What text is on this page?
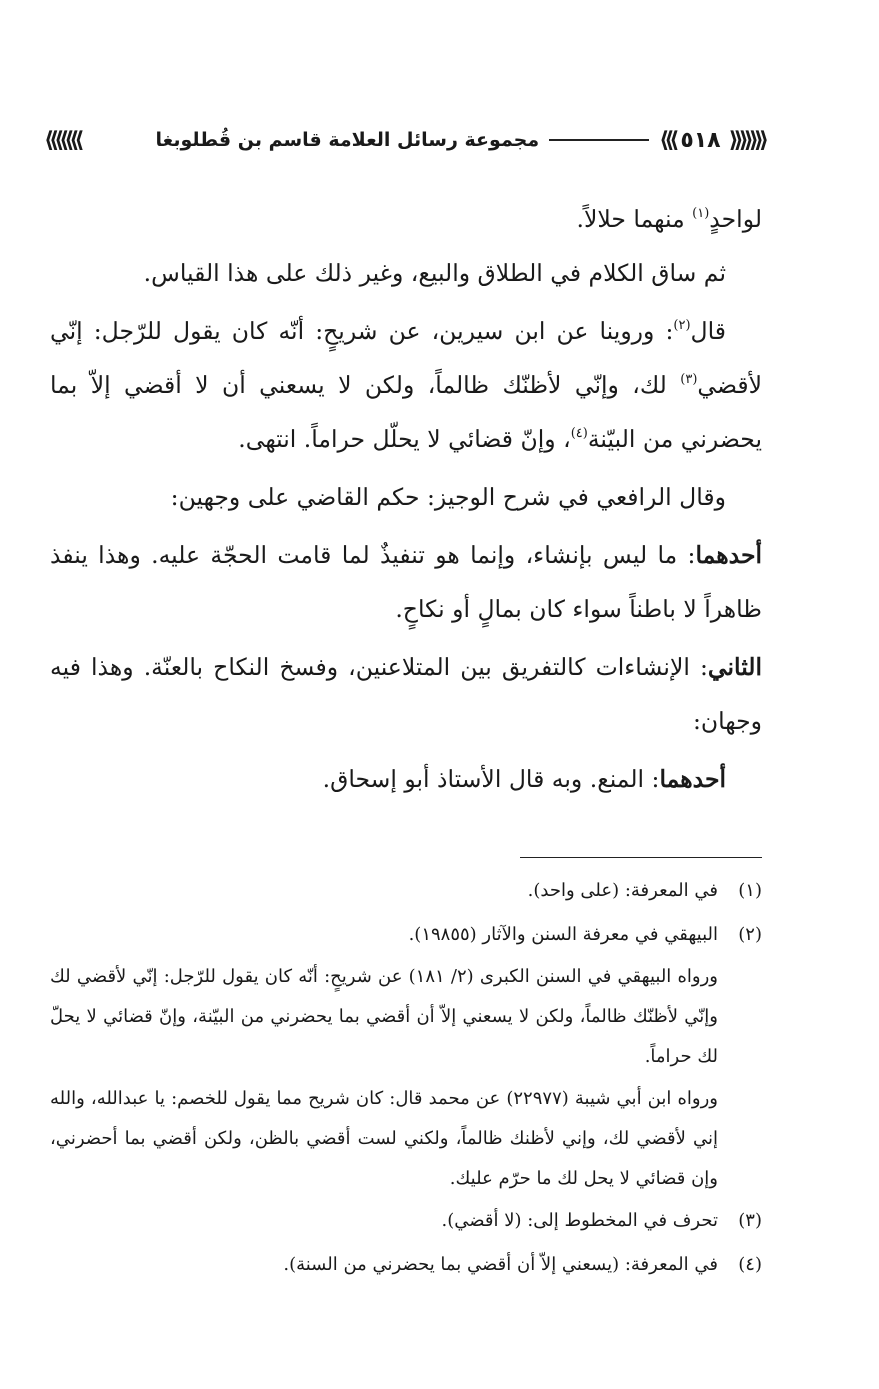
⟨⟨⟨⟨⟨⟨⟨
٥١٨
⟩⟩⟩
مجموعة رسائل العلامة قاسم بن قُطلوبغا
⟩⟩⟩⟩⟩⟩⟩

لواحدٍ$^{(١)}$ منهما حلالاً.

ثم ساق الكلام في الطلاق والبيع، وغير ذلك على هذا القياس.

قال$^{(٢)}$: وروينا عن ابن سيرين، عن شريحٍ: أنّه كان يقول للرّجل: إنّي لأقضي$^{(٣)}$ لك، وإنّي لأظنّك ظالماً، ولكن لا يسعني أن لا أقضي إلاّ بما يحضرني من البيّنة$^{(٤)}$، وإنّ قضائي لا يحلّل حراماً. انتهى.

وقال الرافعي في شرح الوجيز: حكم القاضي على وجهين:

أحدهما: ما ليس بإنشاء، وإنما هو تنفيذٌ لما قامت الحجّة عليه. وهذا ينفذ ظاهراً لا باطناً سواء كان بمالٍ أو نكاحٍ.

الثاني: الإنشاءات كالتفريق بين المتلاعنين، وفسخ النكاح بالعنّة. وهذا فيه وجهان:

أحدهما: المنع. وبه قال الأستاذ أبو إسحاق.

(١)
في المعرفة: (على واحد).
(٢)
البيهقي في معرفة السنن والآثار (١٩٨٥٥).

ورواه البيهقي في السنن الكبرى (٢/ ١٨١) عن شريحٍ: أنّه كان يقول للرّجل: إنّي لأقضي لك وإنّي لأظنّك ظالماً، ولكن لا يسعني إلاّ أن أقضي بما يحضرني من البيّنة، وإنّ قضائي لا يحلّ لك حراماً.

ورواه ابن أبي شيبة (٢٢٩٧٧) عن محمد قال: كان شريح مما يقول للخصم: يا عبدالله، والله إني لأقضي لك، وإني لأظنك ظالماً، ولكني لست أقضي بالظن، ولكن أقضي بما أحضرني، وإن قضائي لا يحل لك ما حرّم عليك.

(٣)
تحرف في المخطوط إلى: (لا أقضي).
(٤)
في المعرفة: (يسعني إلاّ أن أقضي بما يحضرني من السنة).
